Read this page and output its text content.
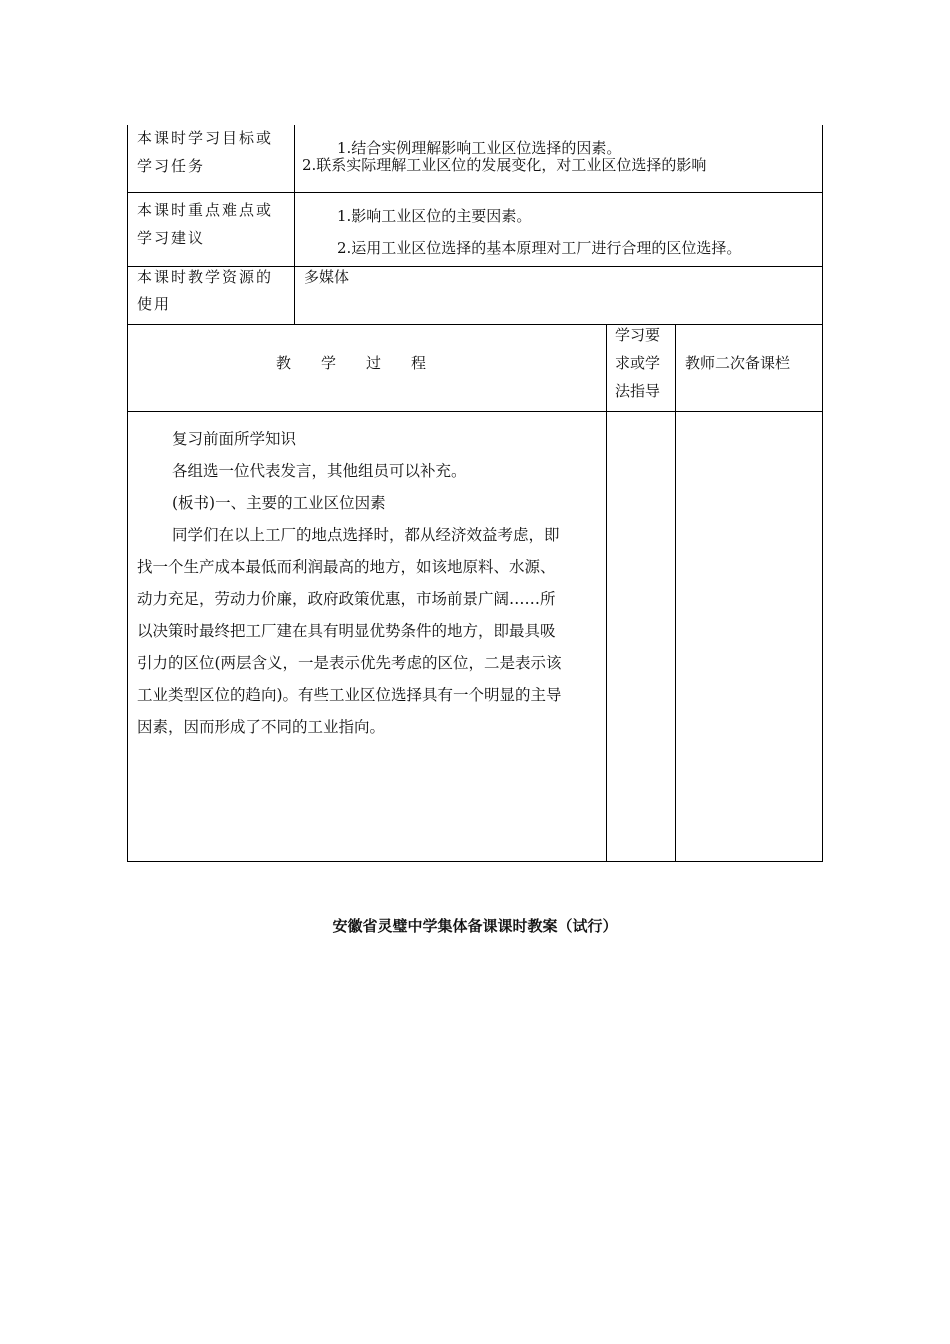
本课时学习目标或
学习任务
1.结合实例理解影响工业区位选择的因素。
2.联系实际理解工业区位的发展变化，对工业区位选择的影响
本课时重点难点或
学习建议
1.影响工业区位的主要因素。
2.运用工业区位选择的基本原理对工厂进行合理的区位选择。
本课时教学资源的
使用
多媒体
教　　学　　过　　程
学习要
求或学
法指导
教师二次备课栏
复习前面所学知识
各组选一位代表发言，其他组员可以补充。
(板书)一、主要的工业区位因素
同学们在以上工厂的地点选择时，都从经济效益考虑，即
找一个生产成本最低而利润最高的地方，如该地原料、水源、
动力充足，劳动力价廉，政府政策优惠，市场前景广阔……所
以决策时最终把工厂建在具有明显优势条件的地方，即最具吸
引力的区位(两层含义，一是表示优先考虑的区位，二是表示该
工业类型区位的趋向)。有些工业区位选择具有一个明显的主导
因素，因而形成了不同的工业指向。
安徽省灵璧中学集体备课课时教案（试行）
